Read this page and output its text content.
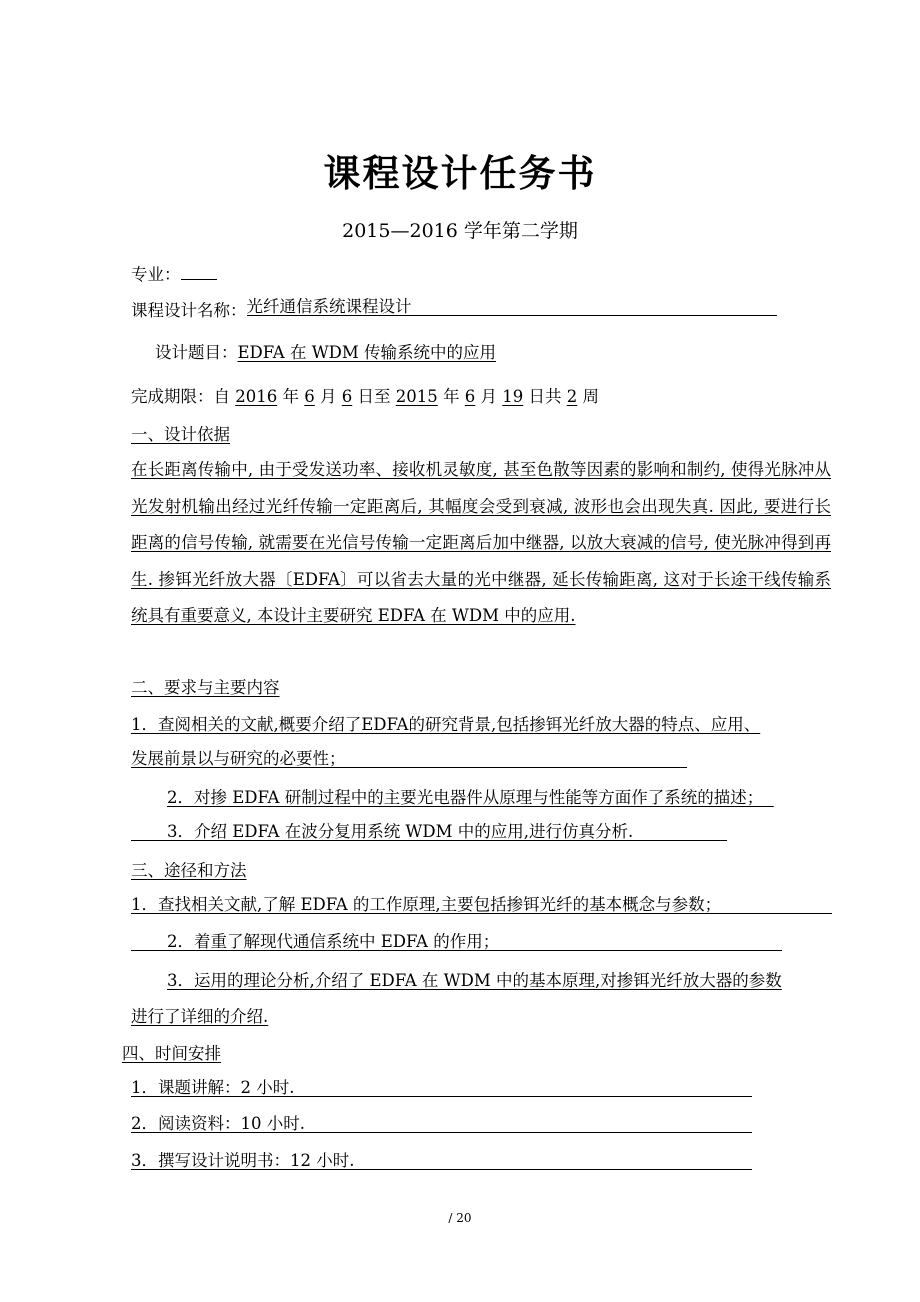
课程设计任务书
2015—2016 学年第二学期
专业：
课程设计名称： 光纤通信系统课程设计
设计题目：EDFA 在 WDM 传输系统中的应用
完成期限：自 2016 年 6 月 6 日至 2015 年 6 月 19 日共 2 周
一、设计依据
在长距离传输中, 由于受发送功率、接收机灵敏度, 甚至色散等因素的影响和制约, 使得光脉冲从光发射机输出经过光纤传输一定距离后, 其幅度会受到衰减, 波形也会出现失真. 因此, 要进行长距离的信号传输, 就需要在光信号传输一定距离后加中继器, 以放大衰减的信号, 使光脉冲得到再生. 掺铒光纤放大器〔EDFA〕可以省去大量的光中继器, 延长传输距离, 这对于长途干线传输系统具有重要意义, 本设计主要研究 EDFA 在 WDM 中的应用.
二、要求与主要内容
1．查阅相关的文献,概要介绍了EDFA的研究背景,包括掺铒光纤放大器的特点、应用、
发展前景以与研究的必要性；
2．对掺 EDFA 研制过程中的主要光电器件从原理与性能等方面作了系统的描述；
3．介绍 EDFA 在波分复用系统 WDM 中的应用,进行仿真分析.
三、途径和方法
1．查找相关文献,了解 EDFA 的工作原理,主要包括掺铒光纤的基本概念与参数；
2．着重了解现代通信系统中 EDFA 的作用；
3．运用的理论分析,介绍了 EDFA 在 WDM 中的基本原理,对掺铒光纤放大器的参数
进行了详细的介绍.
四、时间安排
1．课题讲解：2 小时.
2．阅读资料：10 小时.
3．撰写设计说明书：12 小时.
/ 20
